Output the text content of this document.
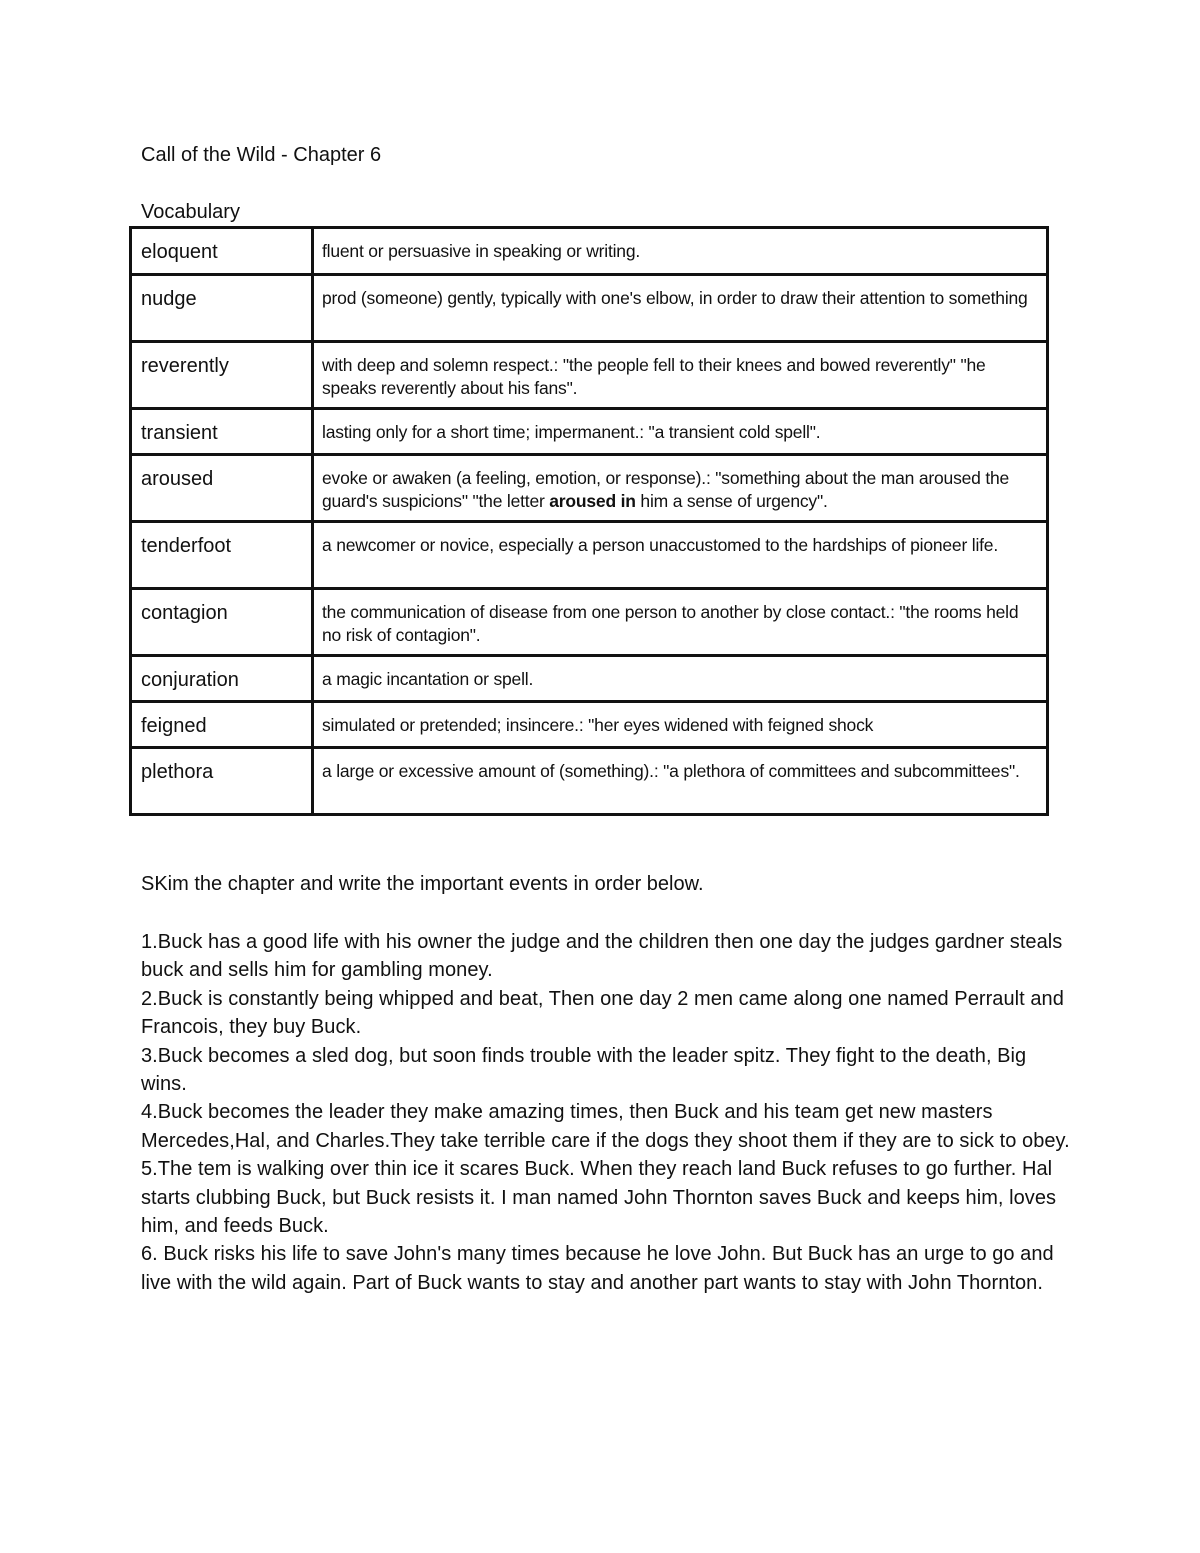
Call of the Wild - Chapter 6
Vocabulary
eloquent	fluent or persuasive in speaking or writing.
nudge	prod (someone) gently, typically with one's elbow, in order to draw their attention to something
reverently	with deep and solemn respect.: "the people fell to their knees and bowed reverently" "he speaks reverently about his fans".
transient	lasting only for a short time; impermanent.: "a transient cold spell".
aroused	evoke or awaken (a feeling, emotion, or response).: "something about the man aroused the guard's suspicions" "the letter aroused in him a sense of urgency".
tenderfoot	a newcomer or novice, especially a person unaccustomed to the hardships of pioneer life.
contagion	the communication of disease from one person to another by close contact.: "the rooms held no risk of contagion".
conjuration	a magic incantation or spell.
feigned	simulated or pretended; insincere.: "her eyes widened with feigned shock
plethora	a large or excessive amount of (something).: "a plethora of committees and subcommittees".
SKim the chapter and write the important events in order below.

1.Buck has a good life with his owner the judge and the children then one day the judges gardner steals buck and sells him for gambling money.

2.Buck is constantly being whipped and beat, Then one day 2 men came along one named Perrault and Francois, they buy Buck.

3.Buck becomes a sled dog, but soon finds trouble with the leader spitz. They fight to the death, Big wins.

4.Buck becomes the leader they make amazing times, then Buck and his team get new masters Mercedes,Hal, and Charles.They take terrible care if the dogs they shoot them if they are to sick to obey.

5.The tem is walking over thin ice it scares Buck. When they reach land Buck refuses to go further. Hal starts clubbing Buck, but Buck resists it. I man named John Thornton saves Buck and keeps him, loves him, and feeds Buck.

6. Buck risks his life to save John's many times because he love John. But Buck has an urge to go and live with the wild again. Part of Buck wants to stay and another part wants to stay with John Thornton.
